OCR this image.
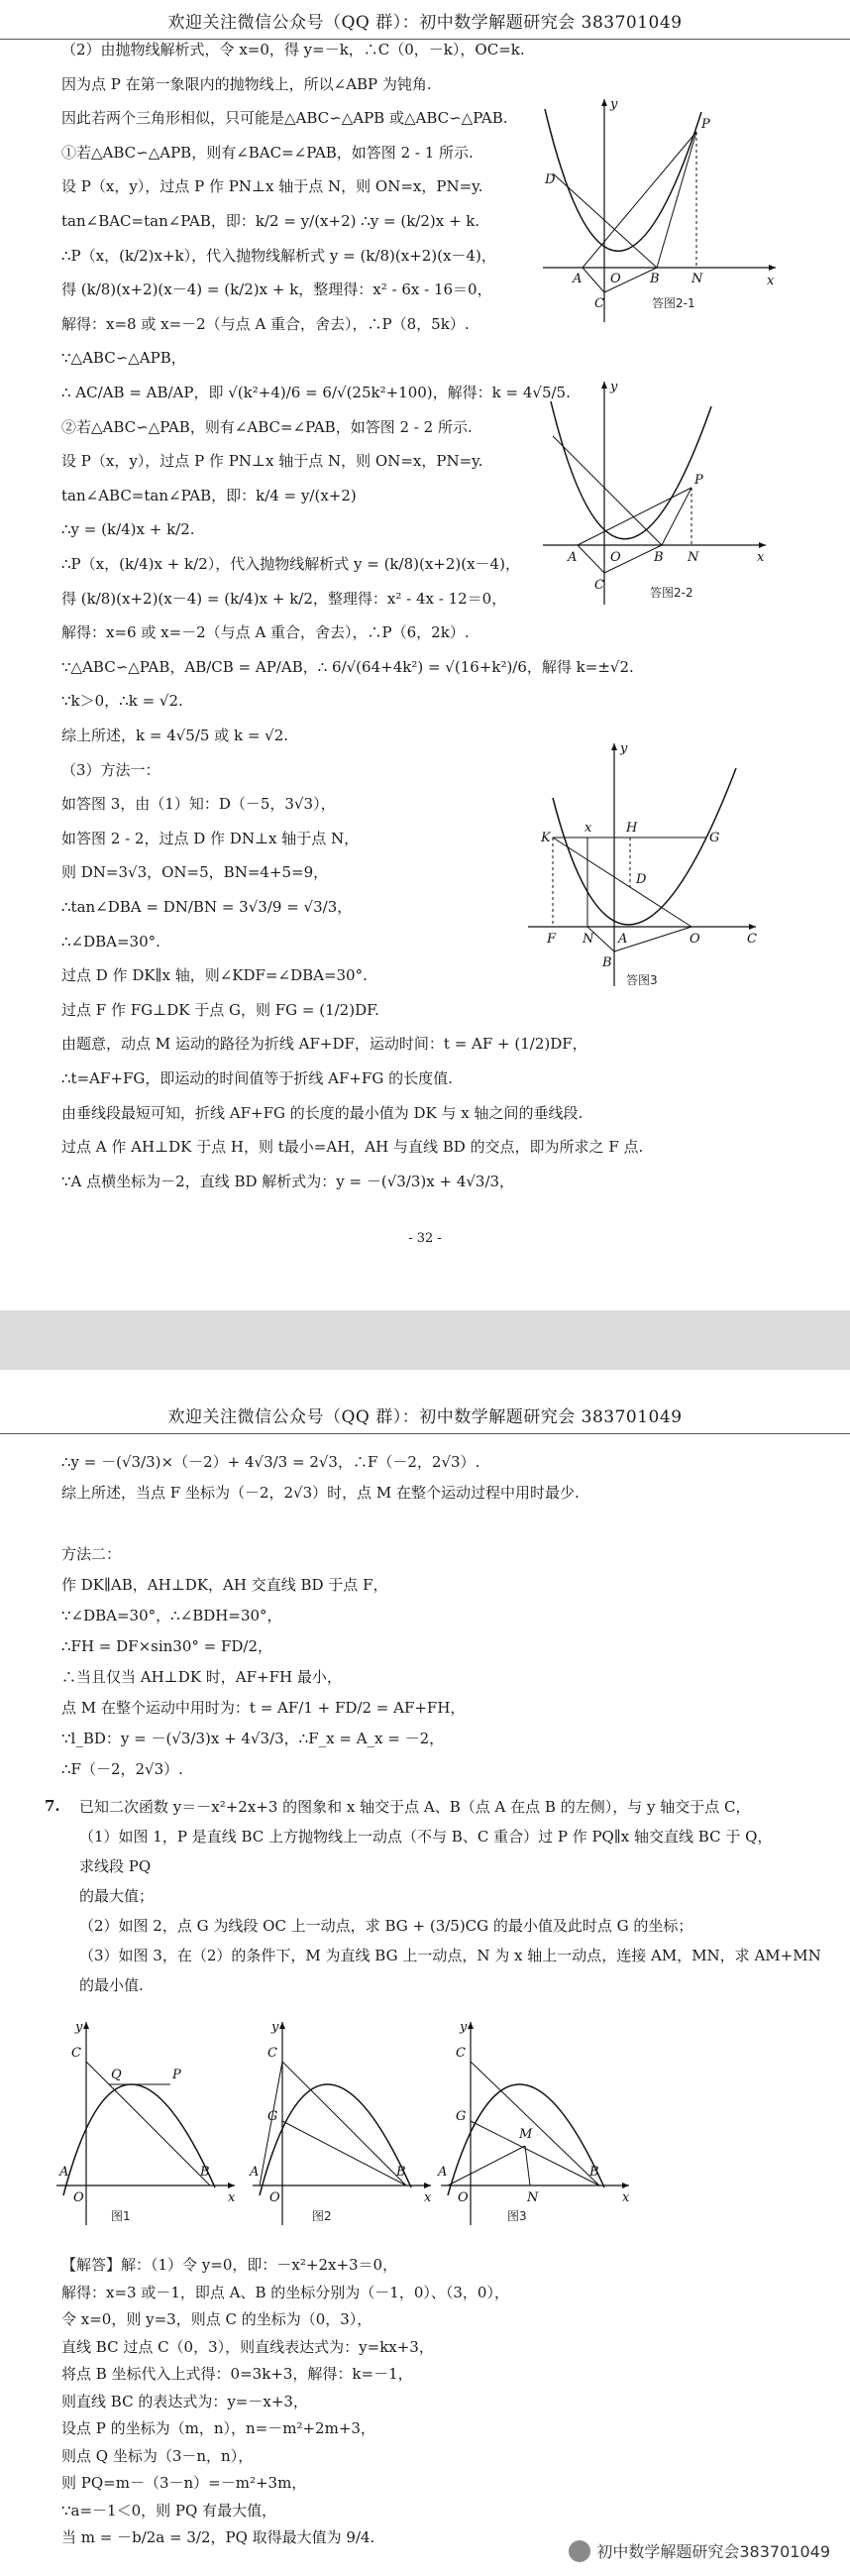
欢迎关注微信公众号（QQ 群）：初中数学解题研究会 383701049
（2）由抛物线解析式，令 x=0，得 y=－k，∴C（0，－k），OC=k.
因为点 P 在第一象限内的抛物线上，所以∠ABP 为钝角.
因此若两个三角形相似，只可能是△ABC∽△APB 或△ABC∽△PAB.
①若△ABC∽△APB，则有∠BAC=∠PAB，如答图 2 - 1 所示.
设 P（x，y），过点 P 作 PN⊥x 轴于点 N，则 ON=x，PN=y.
tan∠BAC=tan∠PAB，即：k/2 = y/(x+2) ∴y = (k/2)x + k.
∴P（x，(k/2)x+k），代入抛物线解析式 y = (k/8)(x+2)(x－4)，
得 (k/8)(x+2)(x－4) = (k/2)x + k，整理得：x² - 6x - 16＝0，
解得：x=8 或 x=－2（与点 A 重合，舍去），∴P（8，5k）.
∵△ABC∽△APB，
∴ AC/AB = AB/AP，即 √(k²+4)/6 = 6/√(25k²+100)，解得：k = 4√5/5.
②若△ABC∽△PAB，则有∠ABC=∠PAB，如答图 2 - 2 所示.
设 P（x，y），过点 P 作 PN⊥x 轴于点 N，则 ON=x，PN=y.
tan∠ABC=tan∠PAB，即：k/4 = y/(x+2)
∴y = (k/4)x + k/2.
∴P（x，(k/4)x + k/2），代入抛物线解析式 y = (k/8)(x+2)(x－4)，
得 (k/8)(x+2)(x－4) = (k/4)x + k/2，整理得：x² - 4x - 12＝0，
解得：x=6 或 x=－2（与点 A 重合，舍去），∴P（6，2k）.
∵△ABC∽△PAB，AB/CB = AP/AB，∴ 6/√(64+4k²) = √(16+k²)/6，解得 k=±√2.
∵k＞0，∴k = √2.
综上所述，k = 4√5/5 或 k = √2.
（3）方法一：
如答图 3，由（1）知：D（－5，3√3），
如答图 2 - 2，过点 D 作 DN⊥x 轴于点 N，
则 DN=3√3，ON=5，BN=4+5=9，
∴tan∠DBA = DN/BN = 3√3/9 = √3/3，
∴∠DBA=30°.
过点 D 作 DK∥x 轴，则∠KDF=∠DBA=30°.
过点 F 作 FG⊥DK 于点 G，则 FG = (1/2)DF.
由题意，动点 M 运动的路径为折线 AF+DF，运动时间：t = AF + (1/2)DF，
∴t=AF+FG，即运动的时间值等于折线 AF+FG 的长度值.
由垂线段最短可知，折线 AF+FG 的长度的最小值为 DK 与 x 轴之间的垂线段.
过点 A 作 AH⊥DK 于点 H，则 t最小=AH，AH 与直线 BD 的交点，即为所求之 F 点.
∵A 点横坐标为－2，直线 BD 解析式为：y = －(√3/3)x + 4√3/3，
y
x
D
P
A O B N
C	答图2-1
y
x
P
A	O	B N
C	答图2-2
y
x	H
G
K
D
F N A	O
B
C
答图3
- 32 -
欢迎关注微信公众号（QQ 群）：初中数学解题研究会 383701049
∴y = －(√3/3)×（－2）+ 4√3/3 = 2√3，∴F（－2，2√3）.
综上所述，当点 F 坐标为（－2，2√3）时，点 M 在整个运动过程中用时最少.
方法二：
作 DK∥AB，AH⊥DK，AH 交直线 BD 于点 F，
∵∠DBA=30°，∴∠BDH=30°，
∴FH = DF×sin30° = FD/2，
∴当且仅当 AH⊥DK 时，AF+FH 最小，
点 M 在整个运动中用时为：t = AF/1 + FD/2 = AF+FH，
∵l_BD：y = －(√3/3)x + 4√3/3，∴F_x = A_x = －2，
∴F（－2，2√3）.
7. 已知二次函数 y＝－x²+2x+3 的图象和 x 轴交于点 A、B（点 A 在点 B 的左侧），与 y 轴交于点 C，
（1）如图 1，P 是直线 BC 上方抛物线上一动点（不与 B、C 重合）过 P 作 PQ∥x 轴交直线 BC 于 Q，
求线段 PQ
的最大值；
（2）如图 2，点 G 为线段 OC 上一动点，求 BG + (3/5)CG 的最小值及此时点 G 的坐标；
（3）如图 3，在（2）的条件下，M 为直线 BG 上一动点，N 为 x 轴上一动点，连接 AM，MN，求 AM+MN
的最小值.
y
C
Q	P
A
O
B
x
图1
y
C
G
A
O
B
x
图2
y
C
G
M
A
O	N
B
x
图3
【解答】解：（1）令 y=0，即：－x²+2x+3＝0，
解得：x=3 或－1，即点 A、B 的坐标分别为（－1，0）、（3，0），
令 x=0，则 y=3，则点 C 的坐标为（0，3），
直线 BC 过点 C（0，3），则直线表达式为：y=kx+3，
将点 B 坐标代入上式得：0=3k+3，解得：k=－1，
则直线 BC 的表达式为：y=－x+3，
设点 P 的坐标为（m，n），n=－m²+2m+3，
则点 Q 坐标为（3－n，n），
则 PQ=m－（3－n）=－m²+3m，
∵a=－1＜0，则 PQ 有最大值，
当 m = －b/2a = 3/2，PQ 取得最大值为 9/4.
初中数学解题研究会383701049
